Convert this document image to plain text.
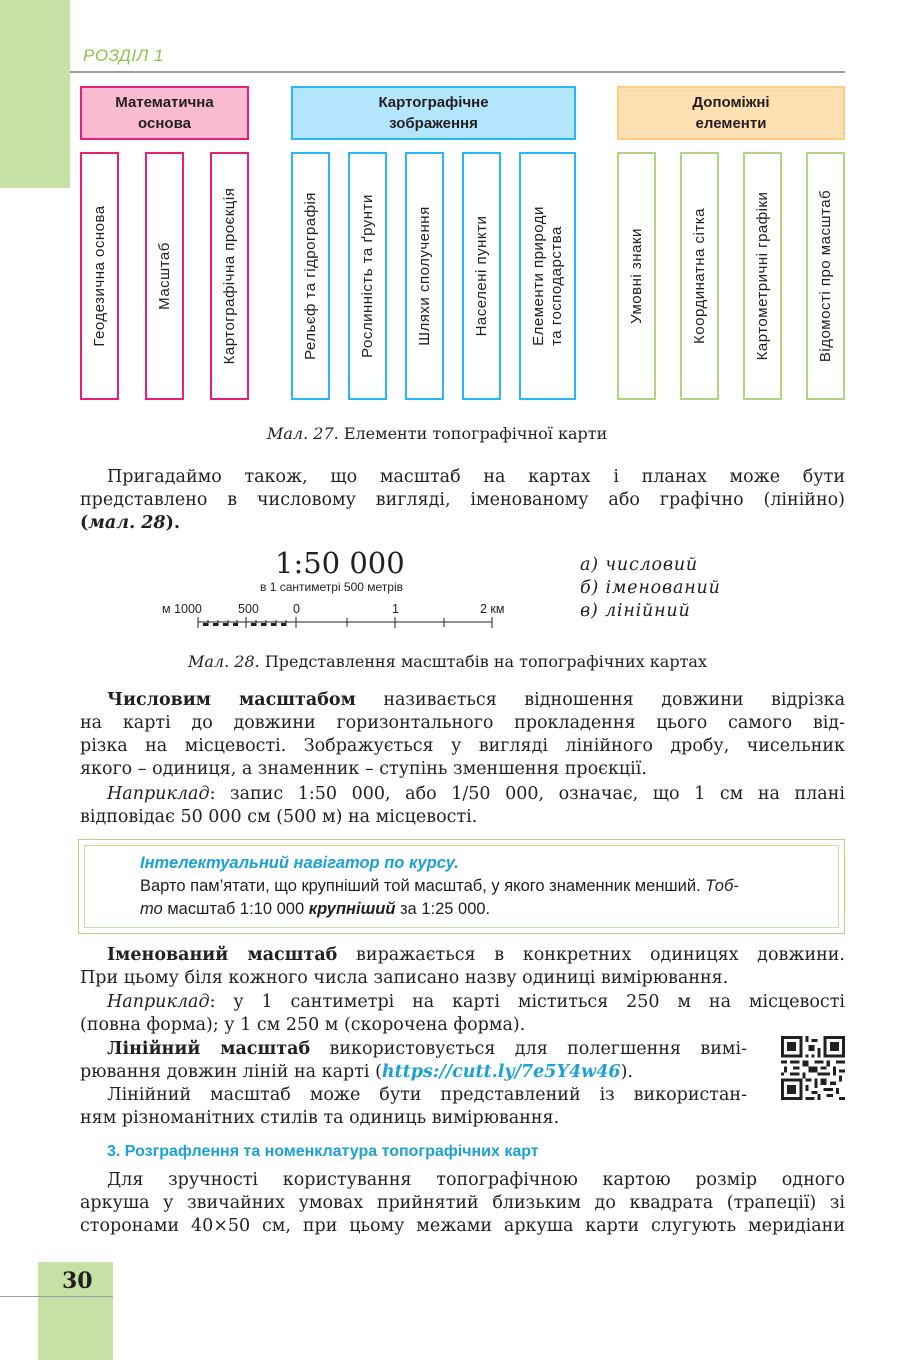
РОЗДІЛ 1
Математична
основа
Картографічне
зображення
Допоміжні
елементи
Геодезична основа	Масштаб	Картографічна проєкція	Рельєф та гідрографія	Рослинність та ґрунти	Шляхи сполучення	Населені пункти	Елементи природи та господарства	Умовні знаки	Координатна сітка	Картометричні графіки	Відомості про масштаб
Мал. 27. Елементи топографічної карти
Пригадаймо також, що масштаб на картах і планах може бути
представлено в числовому вигляді, іменованому або графічно (лінійно)
(мал. 28).
1:50 000
в 1 сантиметрі 500 метрів
м 1000	500	0	1	2 км
а) числовий
б) іменований
в) лінійний
Мал. 28. Представлення масштабів на топографічних картах
Числовим масштабом називається відношення довжини відрізка
на карті до довжини горизонтального прокладення цього самого від-
різка на місцевості. Зображується у вигляді лінійного дробу, чисельник
якого – одиниця, а знаменник – ступінь зменшення проєкції.
Наприклад: запис 1:50 000, або 1/50 000, означає, що 1 см на плані
відповідає 50 000 см (500 м) на місцевості.
Інтелектуальний навігатор по курсу.
Варто пам’ятати, що крупніший той масштаб, у якого знаменник менший. Тоб-
то масштаб 1:10 000 крупніший за 1:25 000.
Іменований масштаб виражається в конкретних одиницях довжини.
При цьому біля кожного числа записано назву одиниці вимірювання.
Наприклад: у 1 сантиметрі на карті міститься 250 м на місцевості
(повна форма); у 1 см 250 м (скорочена форма).
Лінійний масштаб використовується для полегшення вимі-
рювання довжин ліній на карті (https://cutt.ly/7e5Y4w46).
Лінійний масштаб може бути представлений із використан-
ням різноманітних стилів та одиниць вимірювання.
3. Розграфлення та номенклатура топографічних карт
Для зручності користування топографічною картою розмір одного
аркуша у звичайних умовах прийнятий близьким до квадрата (трапеції) зі
сторонами 40×50 см, при цьому межами аркуша карти слугують меридіани
30
